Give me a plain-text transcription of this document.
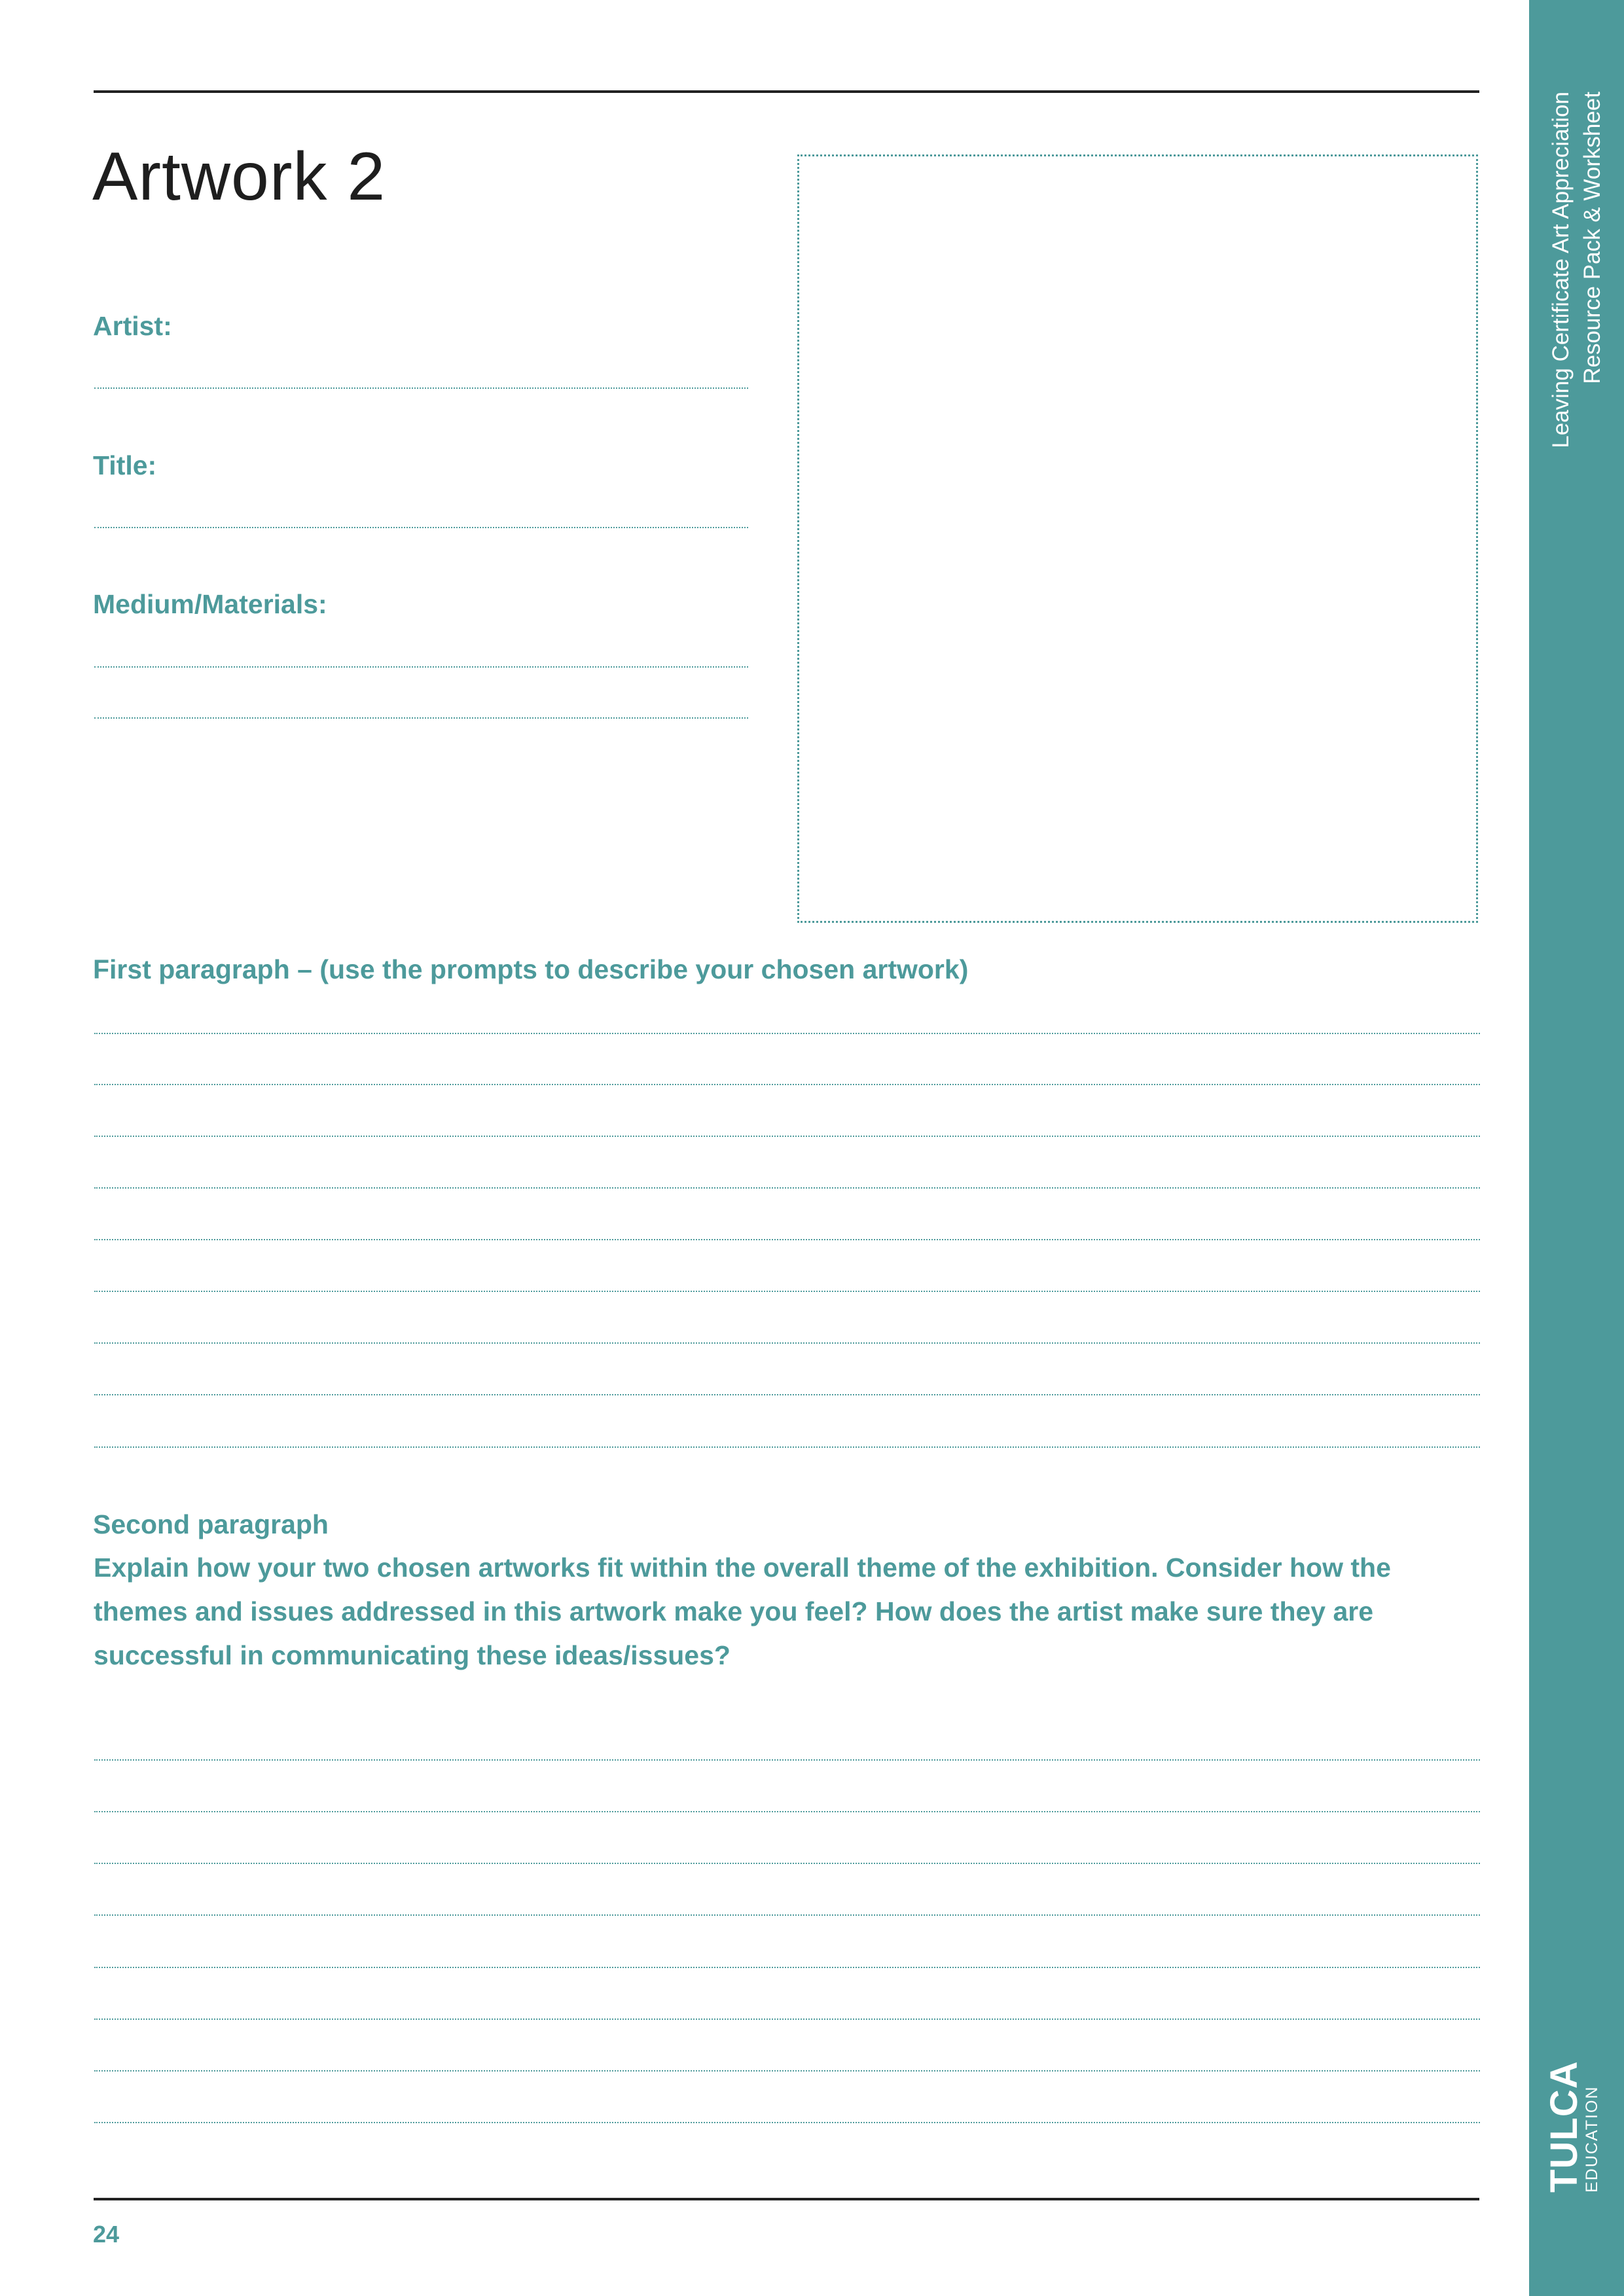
Artwork 2

Artist:

Title:

Medium/Materials:

First paragraph – (use the prompts to describe your chosen artwork)

Second paragraph

Explain how your two chosen artworks fit within the overall theme of the exhibition. Consider how the themes and issues addressed in this artwork make you feel? How does the artist make sure they are successful in communicating these ideas/issues?

24

Leaving Certificate Art Appreciation Resource Pack & Worksheet
TULCA
EDUCATION
